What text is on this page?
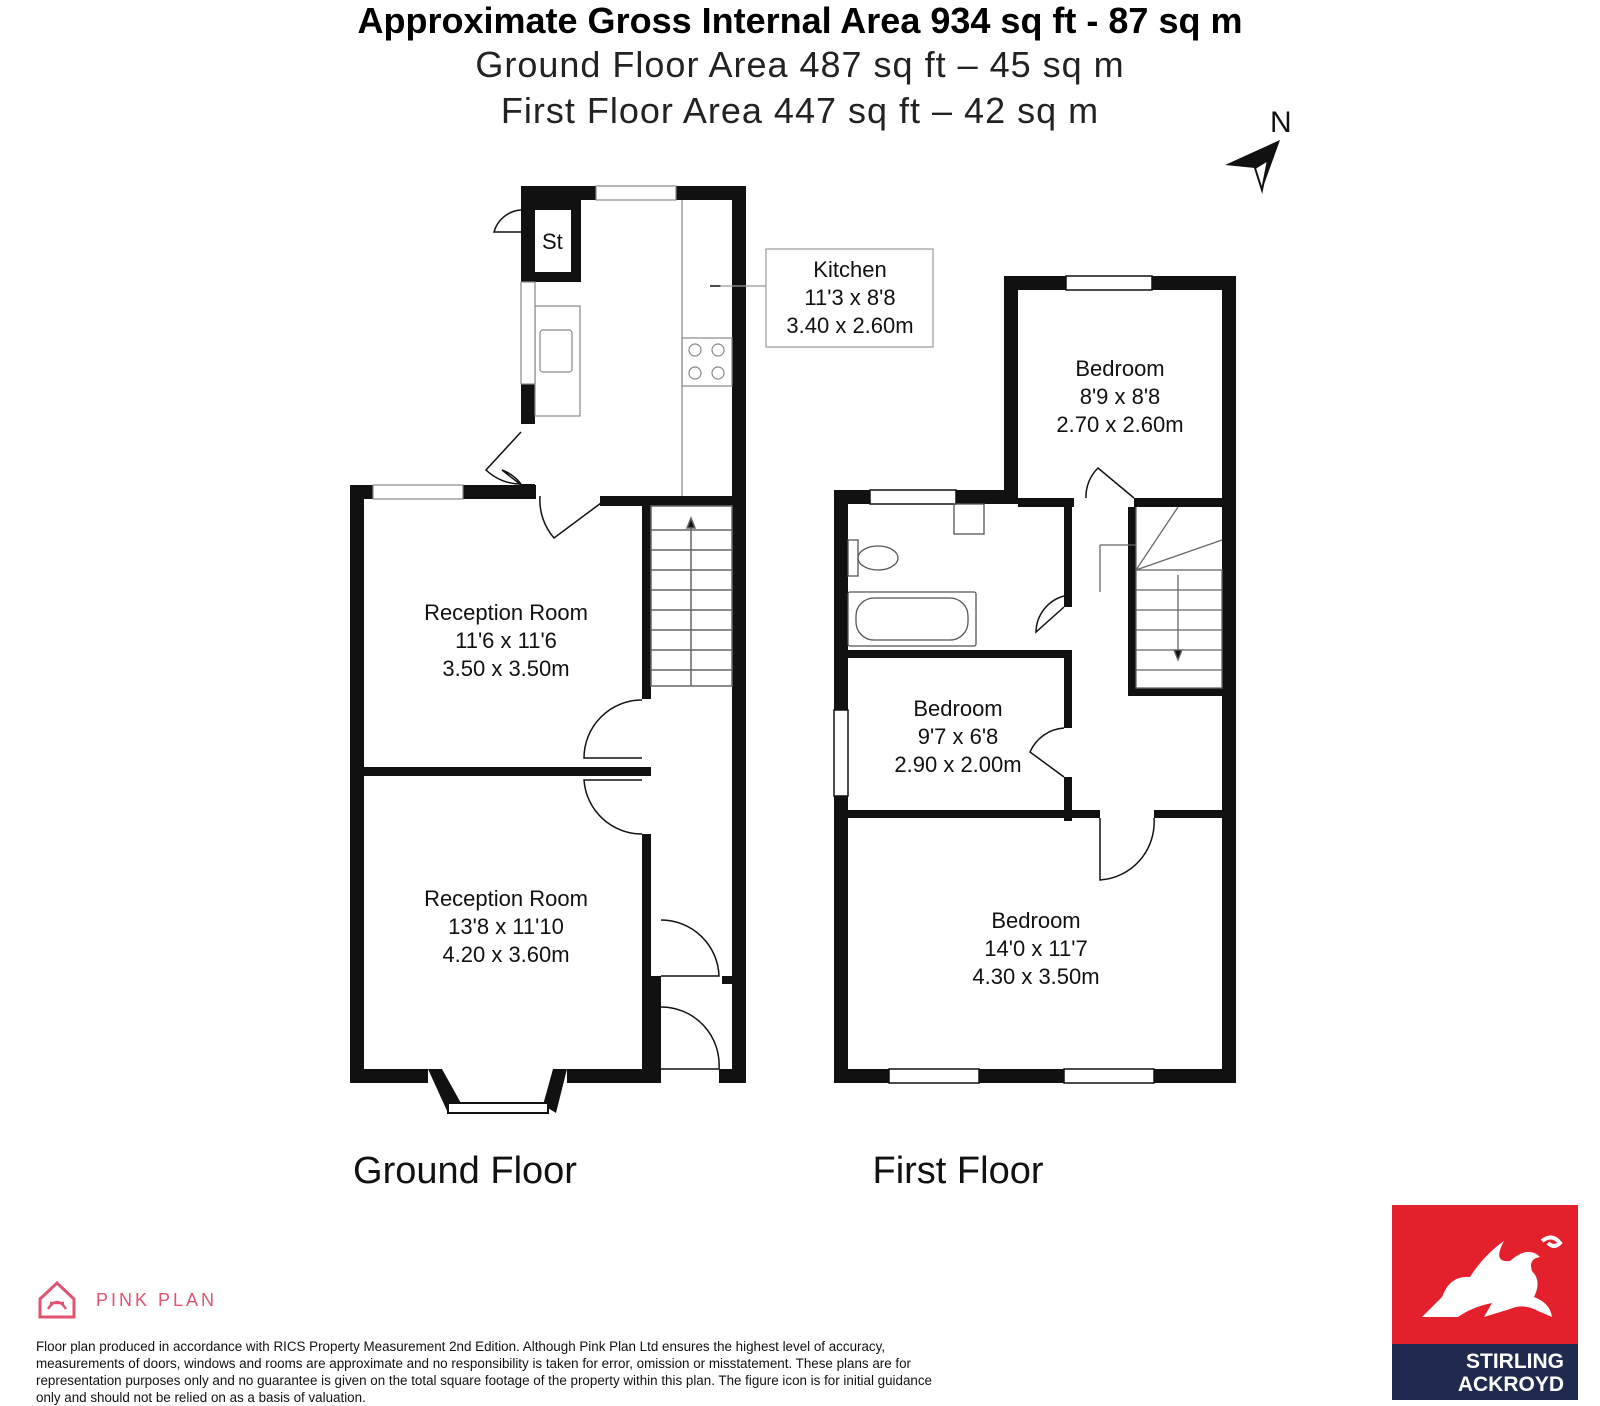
Approximate Gross Internal Area 934 sq ft - 87 sq m
Ground Floor Area 487 sq ft – 45 sq m
First Floor Area 447 sq ft – 42 sq m	N
St
Kitchen
11'3 x 8'8
3.40 x 2.60m
Reception Room
11'6 x 11'6
3.50 x 3.50m
Reception Room
13'8 x 11'10
4.20 x 3.60m
Ground Floor
Bedroom
8'9 x 8'8
2.70 x 2.60m
Bedroom
9'7 x 6'8
2.90 x 2.00m
Bedroom
14'0 x 11'7
4.30 x 3.50m
First Floor
PINK PLAN
Floor plan produced in accordance with RICS Property Measurement 2nd Edition. Although Pink Plan Ltd ensures the highest level of accuracy, measurements of doors, windows and rooms are approximate and no responsibility is taken for error, omission or misstatement. These plans are for representation purposes only and no guarantee is given on the total square footage of the property within this plan. The figure icon is for initial guidance only and should not be relied on as a basis of valuation.
STIRLING
ACKROYD
